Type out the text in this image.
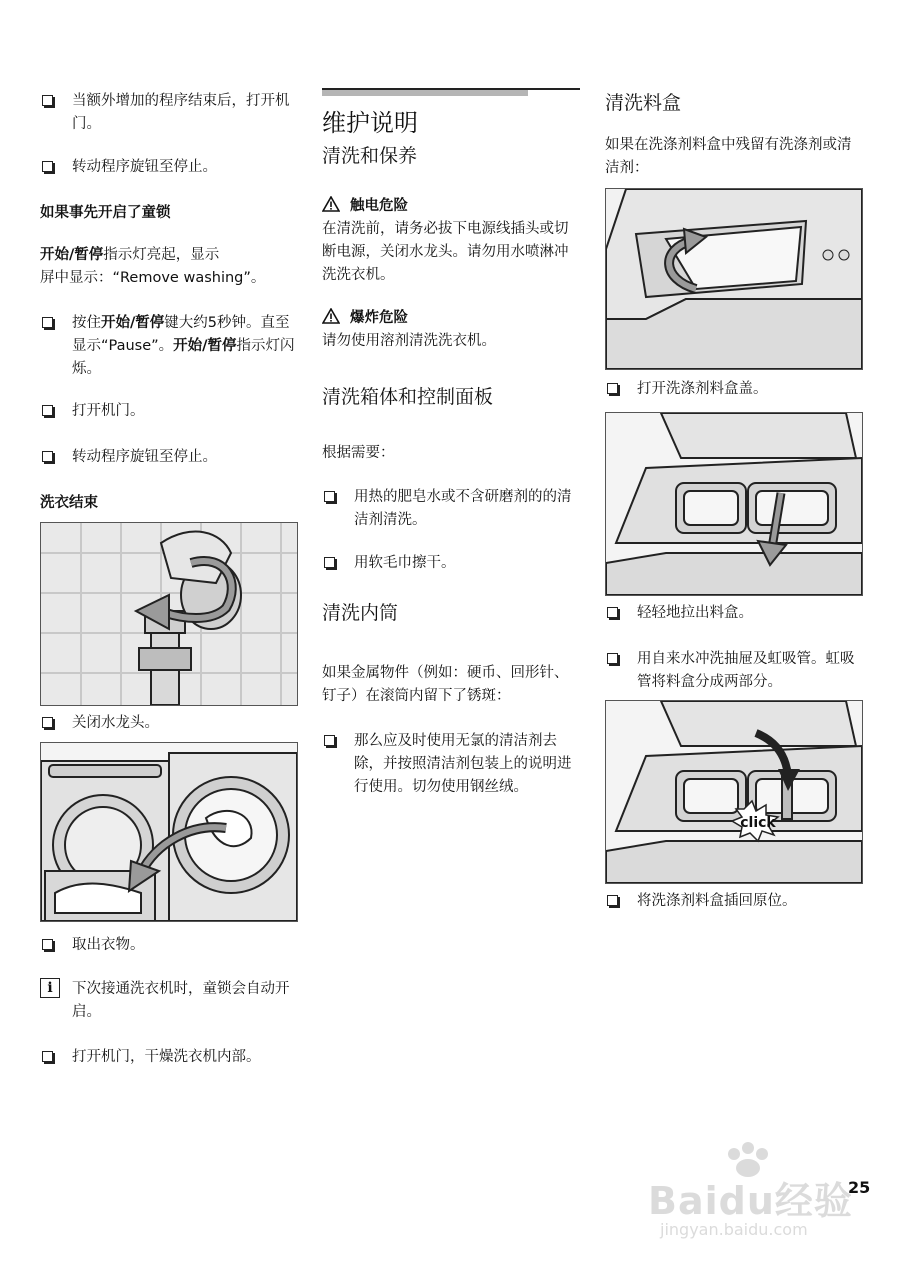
当额外增加的程序结束后，打开机门。
转动程序旋钮至停止。
如果事先开启了童锁
开始/暂停指示灯亮起，显示
屏中显示：“Remove washing”。
按住开始/暂停键大约5秒钟。直至显示“Pause”。开始/暂停指示灯闪烁。
打开机门。
转动程序旋钮至停止。
洗衣结束
关闭水龙头。
取出衣物。
i	下次接通洗衣机时，童锁会自动开启。
打开机门，干燥洗衣机内部。
维护说明
清洗和保养
触电危险
在清洗前，请务必拔下电源线插头或切断电源，关闭水龙头。请勿用水喷淋冲洗洗衣机。
爆炸危险
请勿使用溶剂清洗洗衣机。
清洗箱体和控制面板
根据需要：
用热的肥皂水或不含研磨剂的的清洁剂清洗。
用软毛巾擦干。
清洗内筒
如果金属物件（例如：硬币、回形针、钉子）在滚筒内留下了锈斑：
那么应及时使用无氯的清洁剂去除，并按照清洁剂包装上的说明进行使用。切勿使用钢丝绒。
清洗料盒
如果在洗涤剂料盒中残留有洗涤剂或清洁剂：
打开洗涤剂料盒盖。
轻轻地拉出料盒。
用自来水冲洗抽屉及虹吸管。虹吸管将料盒分成两部分。
click
将洗涤剂料盒插回原位。
Baidu经验
jingyan.baidu.com
25
